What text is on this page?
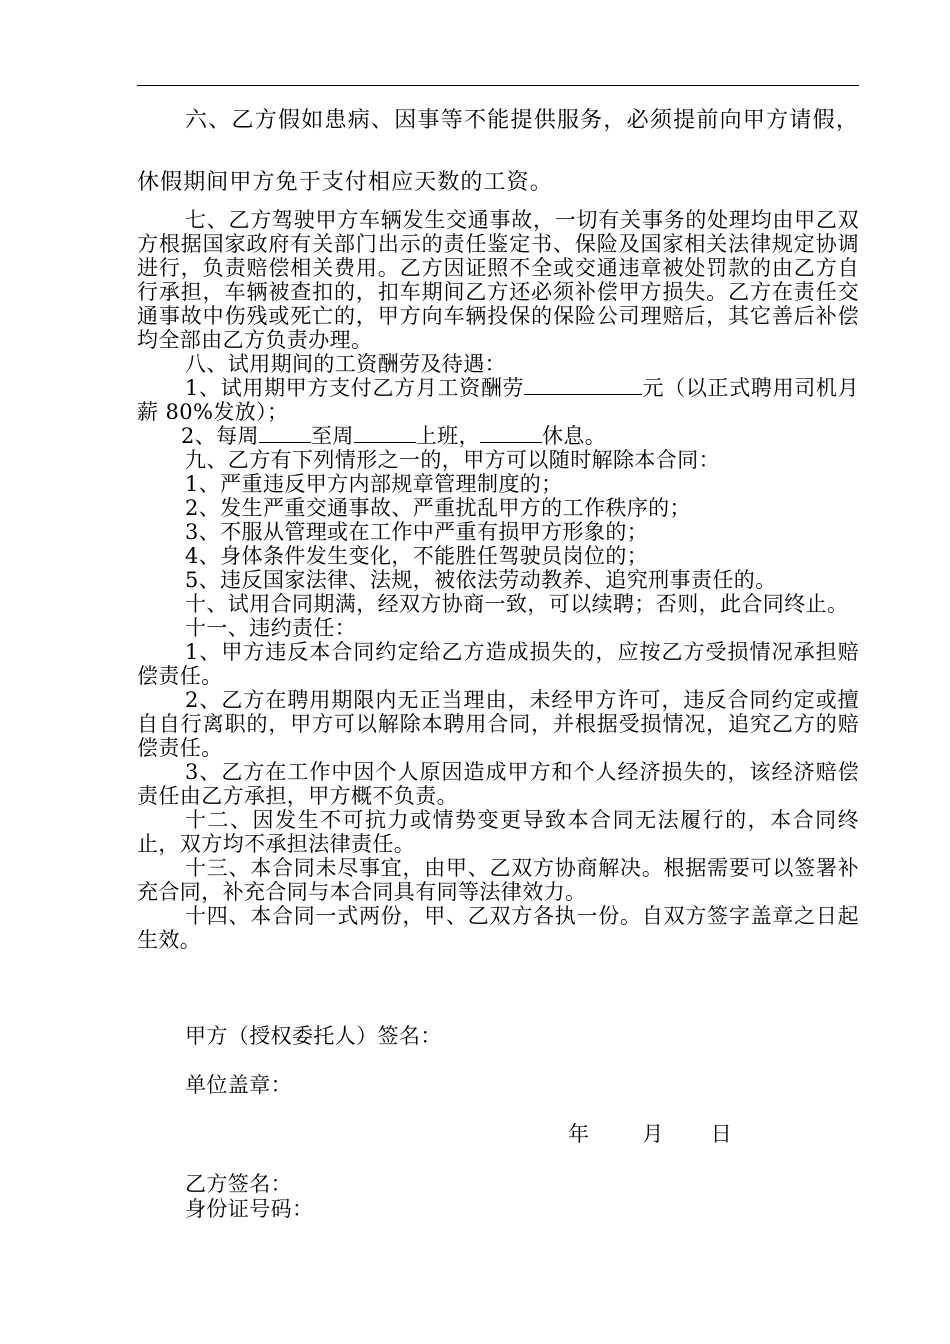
六、乙方假如患病、因事等不能提供服务，必须提前向甲方请假，休假期间甲方免于支付相应天数的工资。

七、乙方驾驶甲方车辆发生交通事故，一切有关事务的处理均由甲乙双方根据国家政府有关部门出示的责任鉴定书、保险及国家相关法律规定协调进行，负责赔偿相关费用。乙方因证照不全或交通违章被处罚款的由乙方自行承担，车辆被查扣的，扣车期间乙方还必须补偿甲方损失。乙方在责任交通事故中伤残或死亡的，甲方向车辆投保的保险公司理赔后，其它善后补偿均全部由乙方负责办理。

八、试用期间的工资酬劳及待遇：

1、试用期甲方支付乙方月工资酬劳	元（以正式聘用司机月薪 80%发放）；

2、每周 至周	上班，	休息。

九、乙方有下列情形之一的，甲方可以随时解除本合同：

1、严重违反甲方内部规章管理制度的；

2、发生严重交通事故、严重扰乱甲方的工作秩序的；

3、不服从管理或在工作中严重有损甲方形象的；

4、身体条件发生变化，不能胜任驾驶员岗位的；

5、违反国家法律、法规，被依法劳动教养、追究刑事责任的。

十、试用合同期满，经双方协商一致，可以续聘；否则，此合同终止。

十一、违约责任：

1、甲方违反本合同约定给乙方造成损失的，应按乙方受损情况承担赔偿责任。

2、乙方在聘用期限内无正当理由，未经甲方许可，违反合同约定或擅自自行离职的，甲方可以解除本聘用合同，并根据受损情况，追究乙方的赔偿责任。

3、乙方在工作中因个人原因造成甲方和个人经济损失的，该经济赔偿责任由乙方承担，甲方概不负责。

十二、因发生不可抗力或情势变更导致本合同无法履行的，本合同终止，双方均不承担法律责任。

十三、本合同未尽事宜，由甲、乙双方协商解决。根据需要可以签署补充合同，补充合同与本合同具有同等法律效力。

十四、本合同一式两份，甲、乙双方各执一份。自双方签字盖章之日起生效。

甲方（授权委托人）签名：
单位盖章：
年	月 日
乙方签名：
身份证号码：
